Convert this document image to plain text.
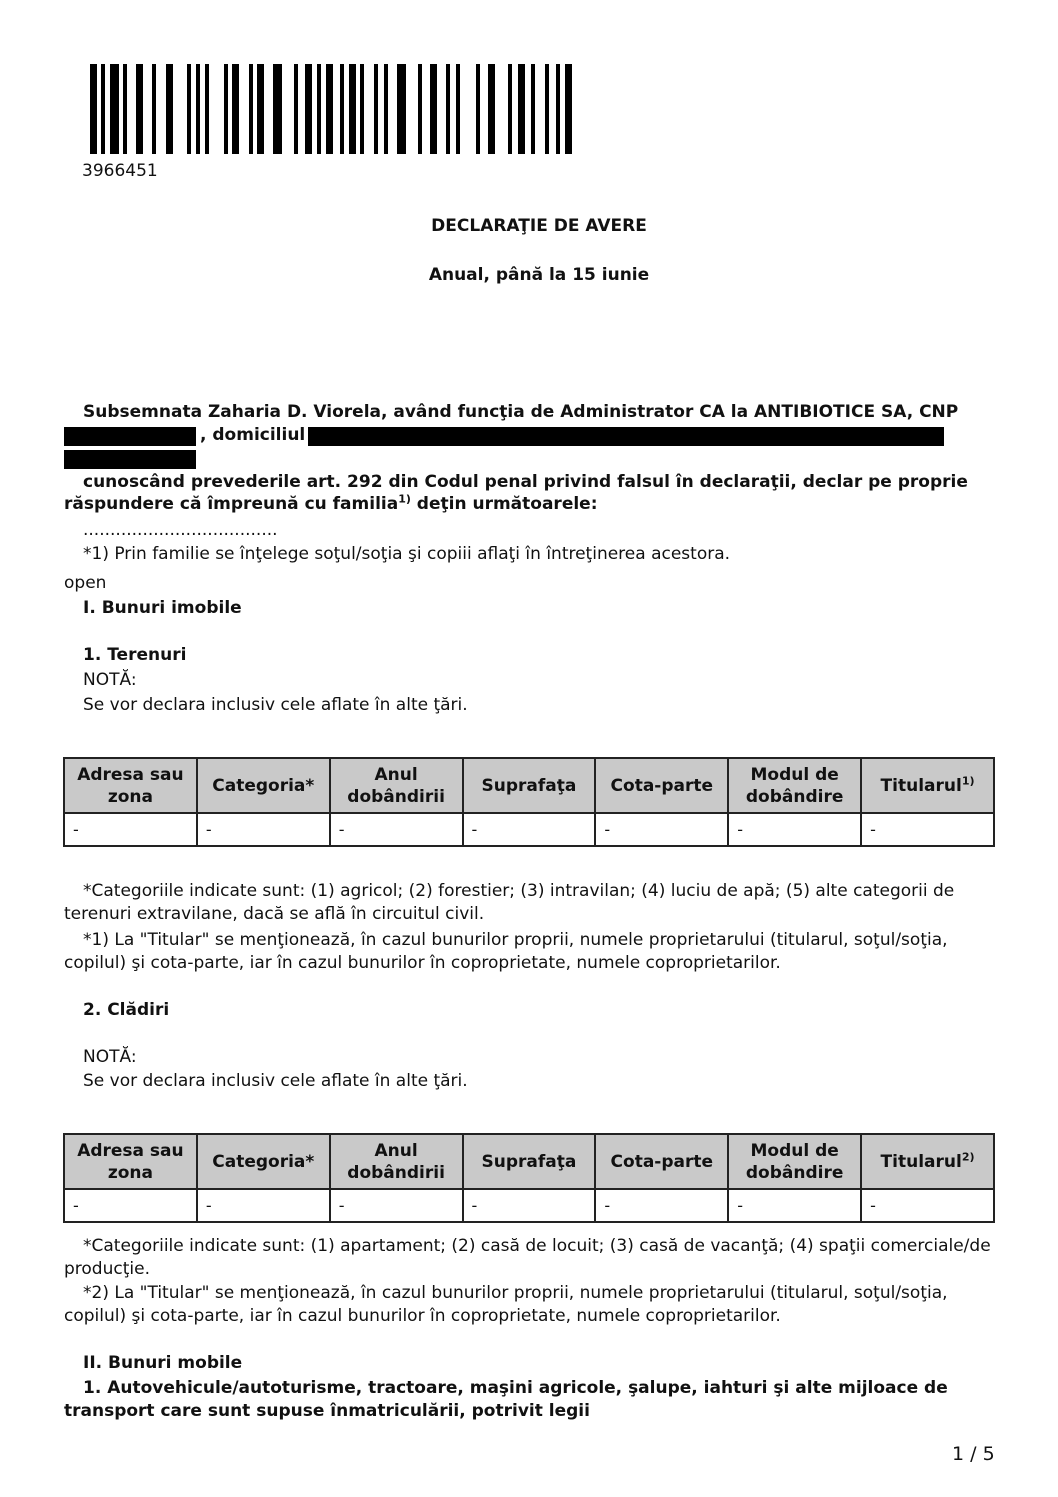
3966451
DECLARAŢIE DE AVERE
Anual, până la 15 iunie
Subsemnata Zaharia D. Viorela, având funcţia de Administrator CA la ANTIBIOTICE SA, CNP
, domiciliul
cunoscând prevederile art. 292 din Codul penal privind falsul în declaraţii, declar pe proprie
răspundere că împreună cu familia$^{1)}$ deţin următoarele:
....................................
*1) Prin familie se înţelege soţul/soţia şi copiii aflaţi în întreţinerea acestora.
open
I. Bunuri imobile
1. Terenuri
NOTĂ:
Se vor declara inclusiv cele aflate în alte ţări.
Adresa sau zona	Categoria*	Anul dobândirii	Suprafaţa	Cota-parte	Modul de dobândire	Titularul$^{1)}$
-	-	-	-	-	-	-
*Categoriile indicate sunt: (1) agricol; (2) forestier; (3) intravilan; (4) luciu de apă; (5) alte categorii de
terenuri extravilane, dacă se află în circuitul civil.
*1) La "Titular" se menţionează, în cazul bunurilor proprii, numele proprietarului (titularul, soţul/soţia,
copilul) şi cota-parte, iar în cazul bunurilor în coproprietate, numele coproprietarilor.
2. Clădiri
NOTĂ:
Se vor declara inclusiv cele aflate în alte ţări.
Adresa sau zona	Categoria*	Anul dobândirii	Suprafaţa	Cota-parte	Modul de dobândire	Titularul$^{2)}$
-	-	-	-	-	-	-
*Categoriile indicate sunt: (1) apartament; (2) casă de locuit; (3) casă de vacanţă; (4) spaţii comerciale/de
producţie.
*2) La "Titular" se menţionează, în cazul bunurilor proprii, numele proprietarului (titularul, soţul/soţia,
copilul) şi cota-parte, iar în cazul bunurilor în coproprietate, numele coproprietarilor.
II. Bunuri mobile
1. Autovehicule/autoturisme, tractoare, maşini agricole, şalupe, iahturi şi alte mijloace de
transport care sunt supuse înmatriculării, potrivit legii
1 / 5
